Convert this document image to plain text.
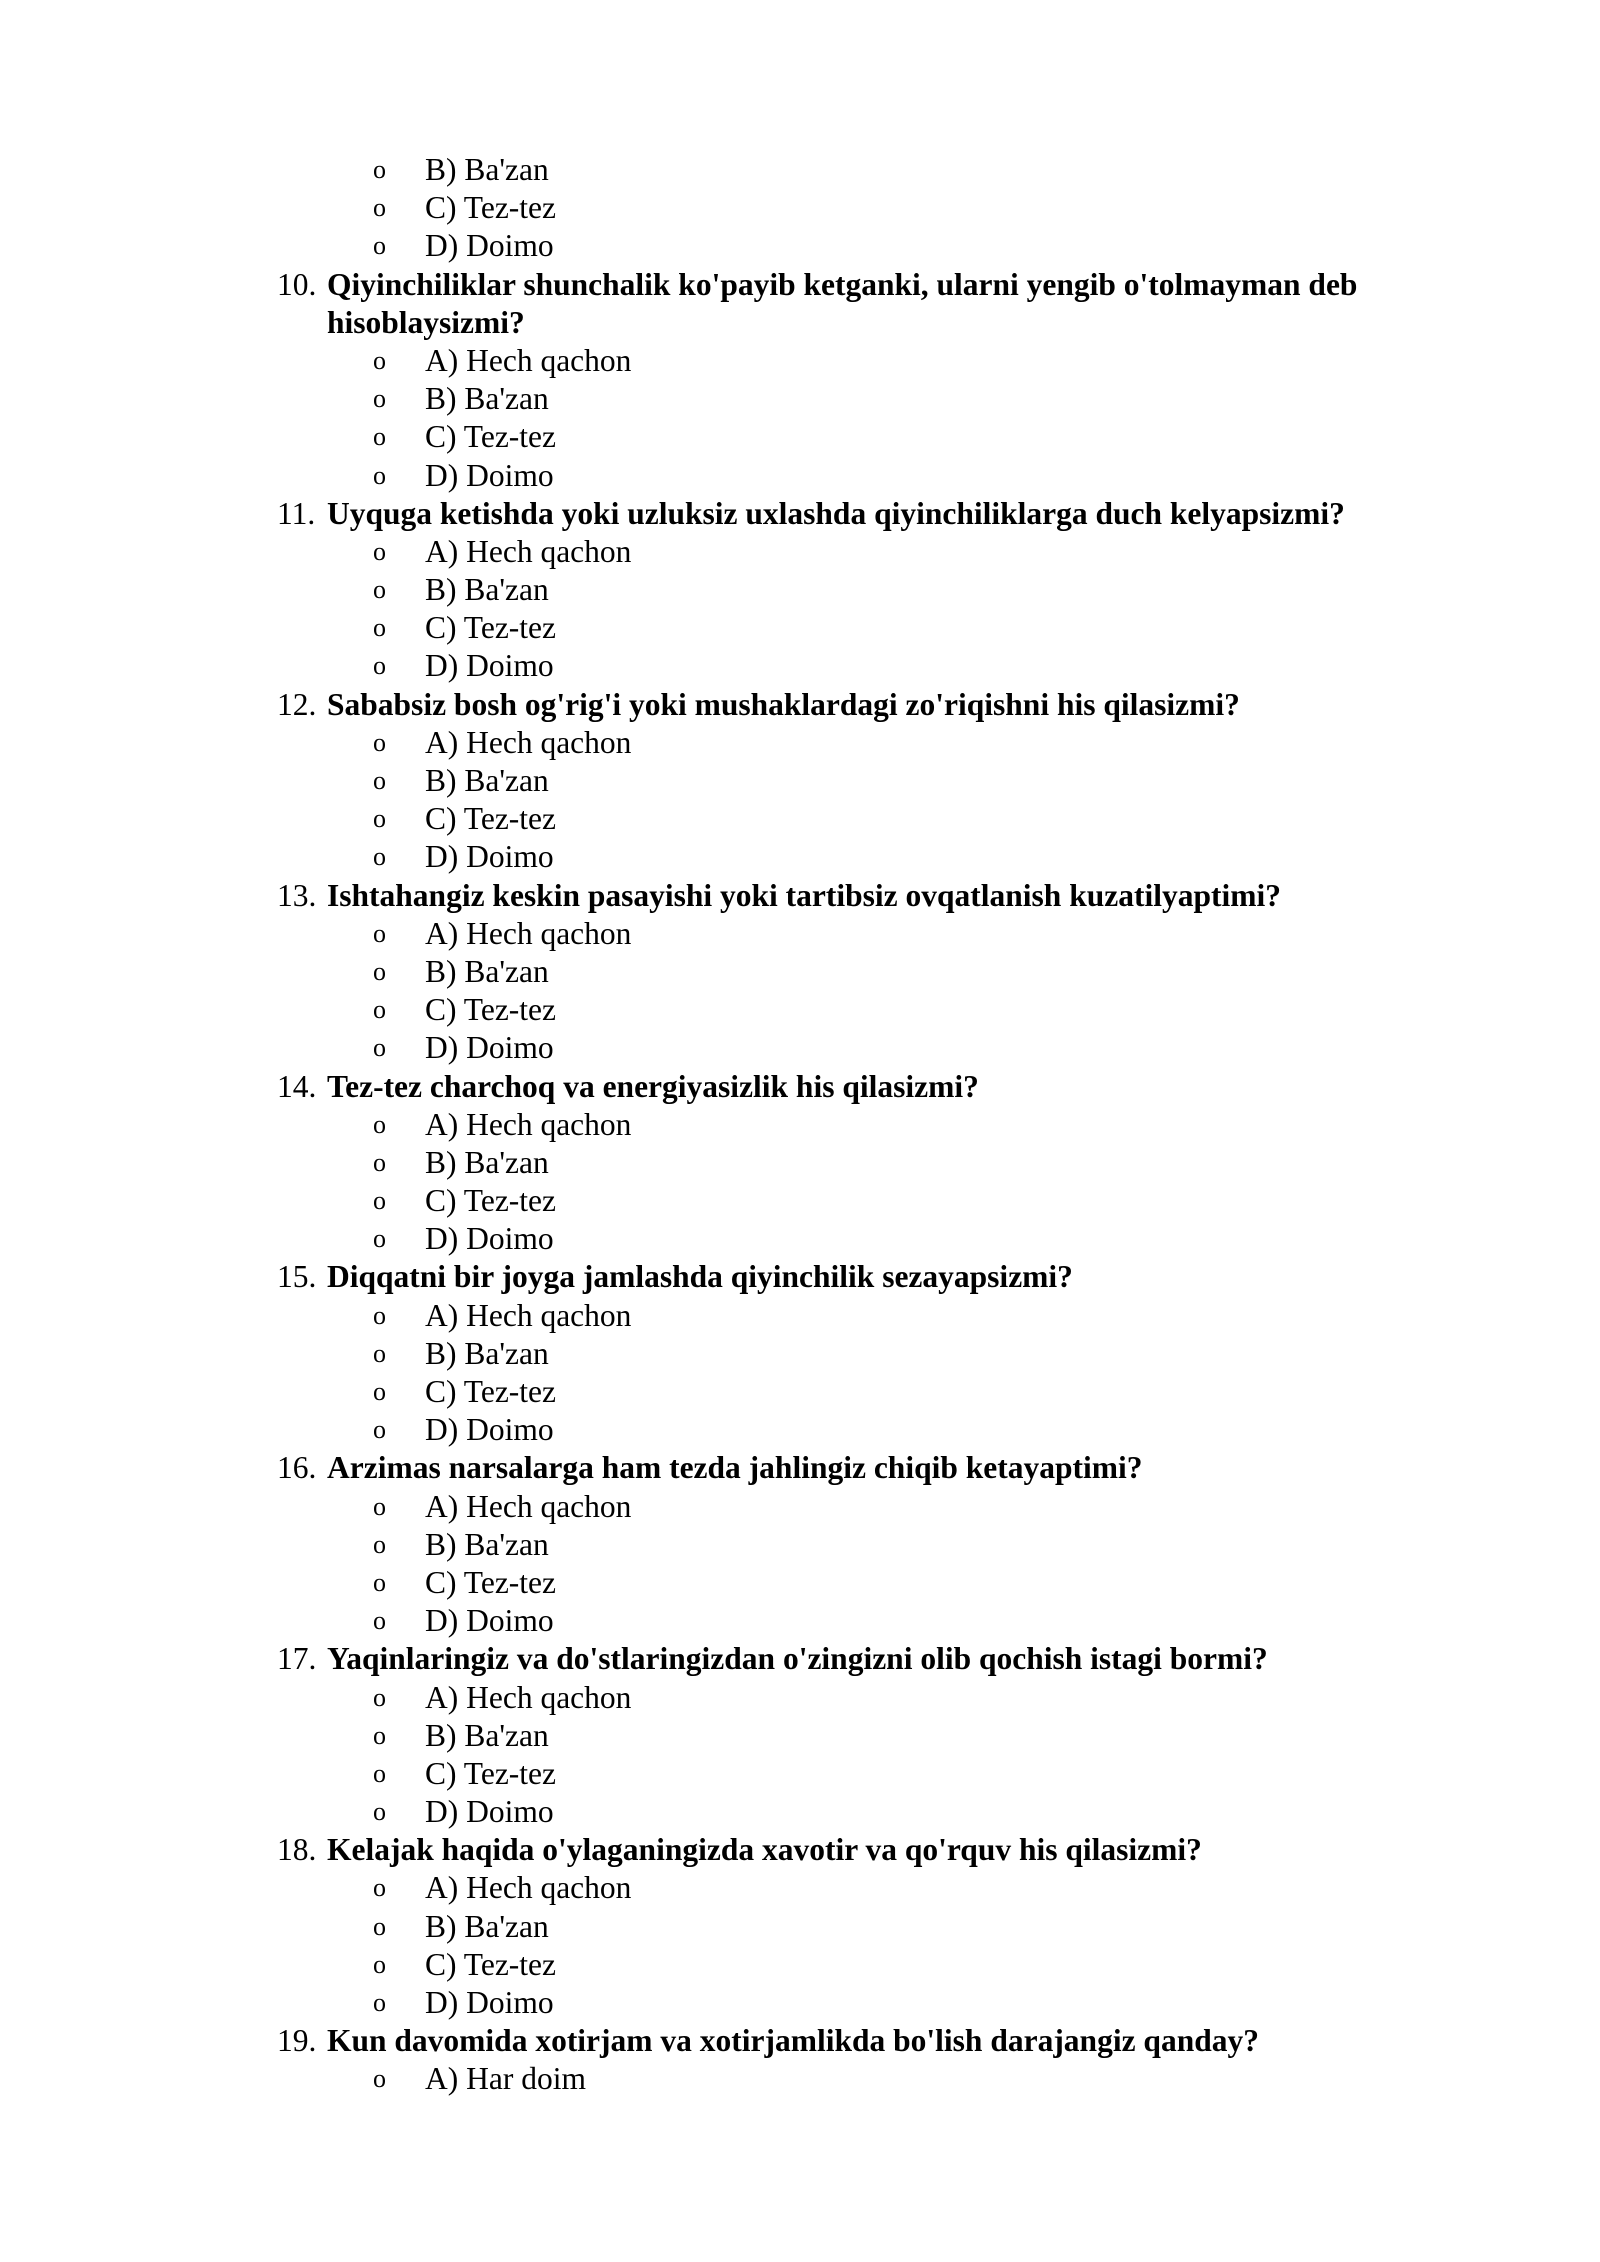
o B) Ba'zan
o C) Tez-tez
o D) Doimo
10. Qiyinchiliklar shunchalik ko'payib ketganki, ularni yengib o'tolmayman deb
hisoblaysizmi?
o A) Hech qachon
o B) Ba'zan
o C) Tez-tez
o D) Doimo
11. Uyquga ketishda yoki uzluksiz uxlashda qiyinchiliklarga duch kelyapsizmi?
o A) Hech qachon
o B) Ba'zan
o C) Tez-tez
o D) Doimo
12. Sababsiz bosh og'rig'i yoki mushaklardagi zo'riqishni his qilasizmi?
o A) Hech qachon
o B) Ba'zan
o C) Tez-tez
o D) Doimo
13. Ishtahangiz keskin pasayishi yoki tartibsiz ovqatlanish kuzatilyaptimi?
o A) Hech qachon
o B) Ba'zan
o C) Tez-tez
o D) Doimo
14. Tez-tez charchoq va energiyasizlik his qilasizmi?
o A) Hech qachon
o B) Ba'zan
o C) Tez-tez
o D) Doimo
15. Diqqatni bir joyga jamlashda qiyinchilik sezayapsizmi?
o A) Hech qachon
o B) Ba'zan
o C) Tez-tez
o D) Doimo
16. Arzimas narsalarga ham tezda jahlingiz chiqib ketayaptimi?
o A) Hech qachon
o B) Ba'zan
o C) Tez-tez
o D) Doimo
17. Yaqinlaringiz va do'stlaringizdan o'zingizni olib qochish istagi bormi?
o A) Hech qachon
o B) Ba'zan
o C) Tez-tez
o D) Doimo
18. Kelajak haqida o'ylaganingizda xavotir va qo'rquv his qilasizmi?
o A) Hech qachon
o B) Ba'zan
o C) Tez-tez
o D) Doimo
19. Kun davomida xotirjam va xotirjamlikda bo'lish darajangiz qanday?
o A) Har doim
